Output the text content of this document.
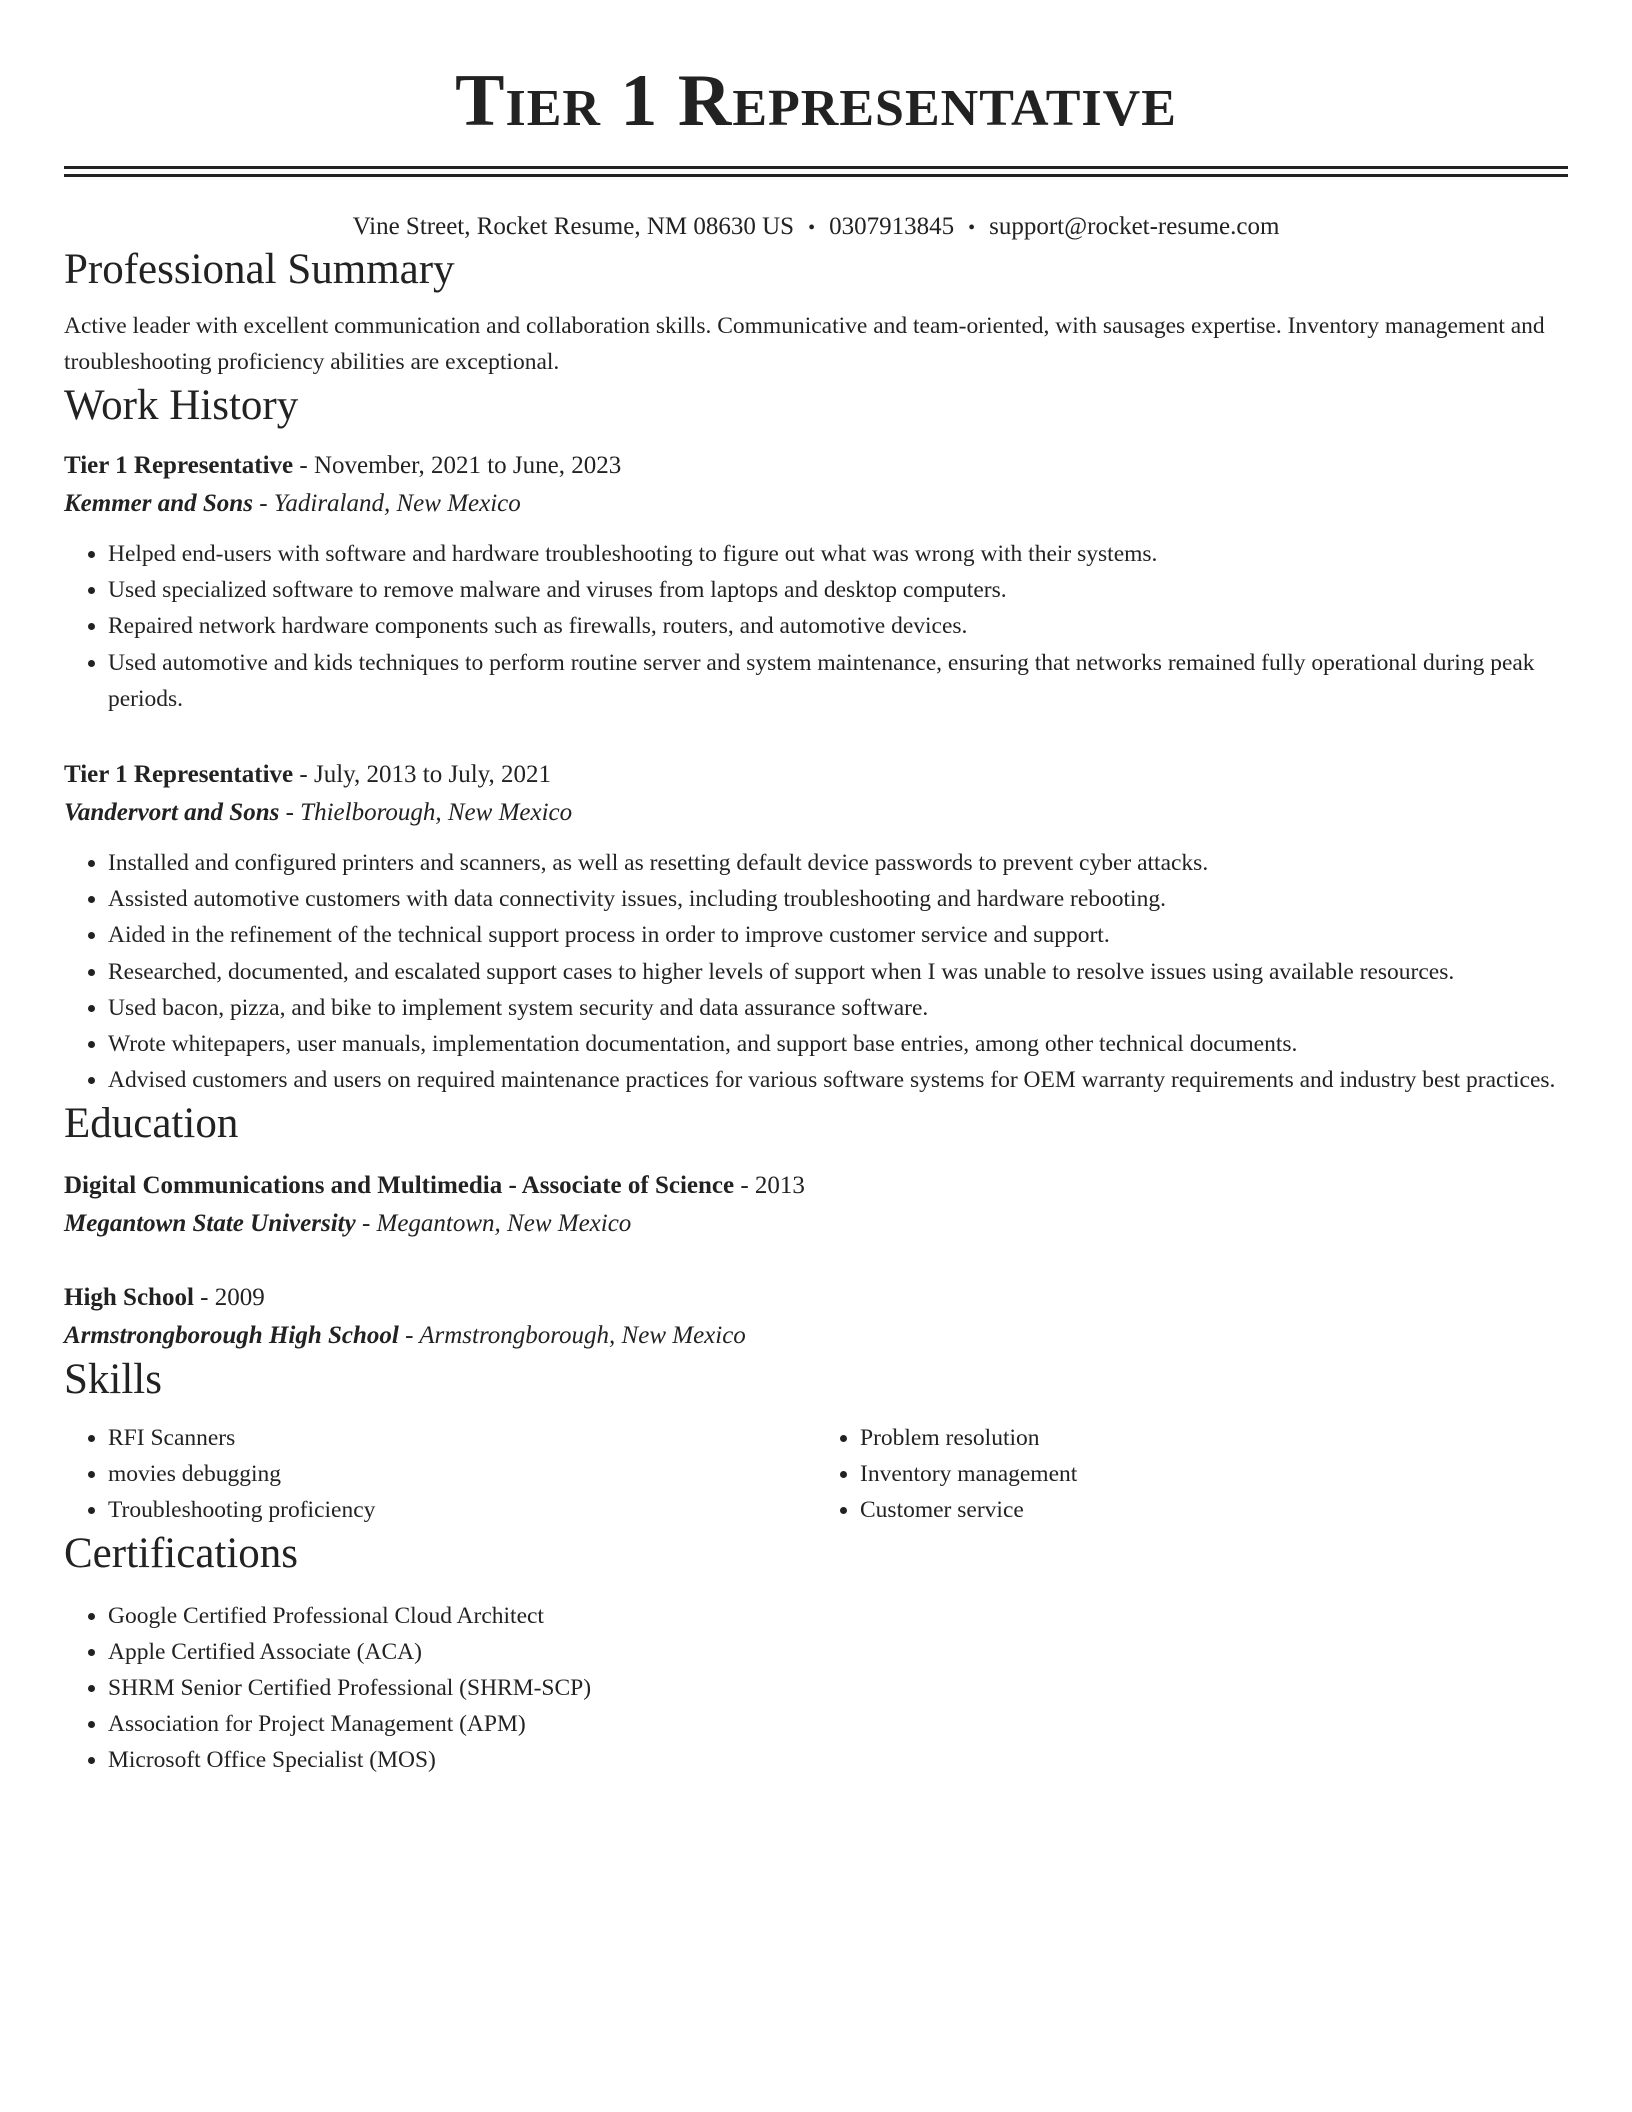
Tier 1 Representative
Vine Street, Rocket Resume, NM 08630 US • 0307913845 • support@rocket-resume.com
Professional Summary
Active leader with excellent communication and collaboration skills. Communicative and team-oriented, with sausages expertise. Inventory management and troubleshooting proficiency abilities are exceptional.
Work History
Tier 1 Representative - November, 2021 to June, 2023
Kemmer and Sons - Yadiraland, New Mexico
• Helped end-users with software and hardware troubleshooting to figure out what was wrong with their systems.
• Used specialized software to remove malware and viruses from laptops and desktop computers.
• Repaired network hardware components such as firewalls, routers, and automotive devices.
• Used automotive and kids techniques to perform routine server and system maintenance, ensuring that networks remained fully operational during peak periods.
Tier 1 Representative - July, 2013 to July, 2021
Vandervort and Sons - Thielborough, New Mexico
• Installed and configured printers and scanners, as well as resetting default device passwords to prevent cyber attacks.
• Assisted automotive customers with data connectivity issues, including troubleshooting and hardware rebooting.
• Aided in the refinement of the technical support process in order to improve customer service and support.
• Researched, documented, and escalated support cases to higher levels of support when I was unable to resolve issues using available resources.
• Used bacon, pizza, and bike to implement system security and data assurance software.
• Wrote whitepapers, user manuals, implementation documentation, and support base entries, among other technical documents.
• Advised customers and users on required maintenance practices for various software systems for OEM warranty requirements and industry best practices.
Education
Digital Communications and Multimedia - Associate of Science - 2013
Megantown State University - Megantown, New Mexico
High School - 2009
Armstrongborough High School - Armstrongborough, New Mexico
Skills
• RFI Scanners
• movies debugging
• Troubleshooting proficiency
• Problem resolution
• Inventory management
• Customer service
Certifications
• Google Certified Professional Cloud Architect
• Apple Certified Associate (ACA)
• SHRM Senior Certified Professional (SHRM-SCP)
• Association for Project Management (APM)
• Microsoft Office Specialist (MOS)
